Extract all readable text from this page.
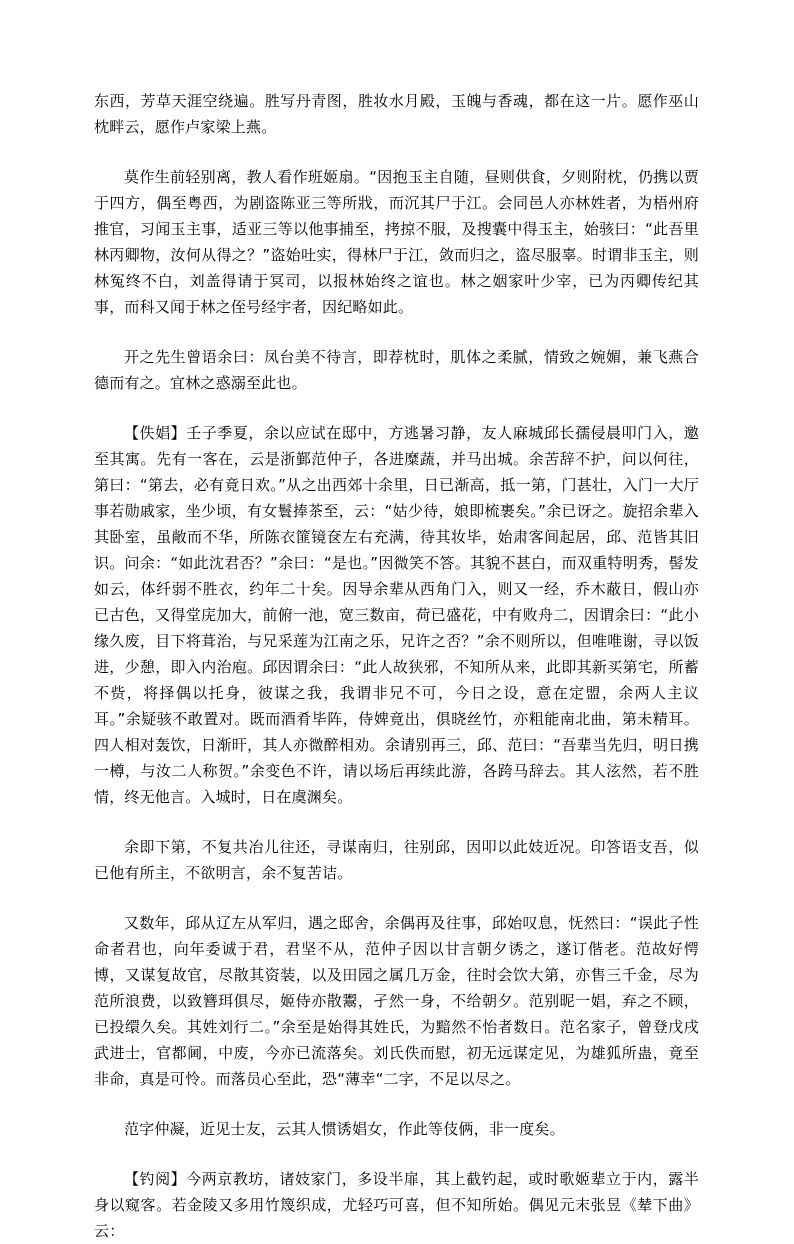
东西，芳草天涯空绕遍。胜写丹青图，胜妆水月殿，玉魄与香魂，都在这一片。愿作巫山枕畔云，愿作卢家梁上燕。

莫作生前轻别离，教人看作班姬扇。“因抱玉主自随，昼则供食，夕则附枕，仍携以贾于四方，偶至粤西，为剧盗陈亚三等所戕，而沉其尸于江。会同邑人亦林姓者，为梧州府推官，习闻玉主事，适亚三等以他事捕至，拷掠不服，及搜囊中得玉主，始骇曰：“此吾里林丙卿物，汝何从得之？”盗始吐实，得林尸于江，敛而归之，盗尽服辜。时谓非玉主，则林冤终不白，刘盖得请于冥司，以报林始终之谊也。林之姻家叶少宰，已为丙卿传纪其事，而科又闻于林之侄号经宇者，因纪略如此。

开之先生曾语余曰：凤台美不待言，即荐枕时，肌体之柔腻，情致之婉媚，兼飞燕合德而有之。宜林之惑溺至此也。

【佚娼】壬子季夏，余以应试在邸中，方逃暑习静，友人麻城邱长孺侵晨叩门入，邀至其寓。先有一客在，云是浙鄞范仲子，各进糜蔬，并马出城。余苦辞不护，问以何往，第曰：“第去，必有竟日欢。”从之出西郊十余里，日已渐高，抵一第，门甚壮，入门一大厅事若勋戚家，坐少顷，有女鬟捧茶至，云：“姑少待，娘即梳裹矣。”余已讶之。旋招余辈入其卧室，虽敞而不华，所陈衣篚镜奁左右充满，待其妆毕，始肃客间起居，邱、范皆其旧识。问余：“如此沈君否？”余曰：“是也。”因微笑不答。其貌不甚白，而双重特明秀，髻发如云，体纤弱不胜衣，约年二十矣。因导余辈从西角门入，则又一经，乔木蔽日，假山亦已古色，又得堂庑加大，前俯一池，宽三数亩，荷已盛花，中有败舟二，因谓余曰：“此小缘久废，目下将葺治，与兄采莲为江南之乐，兄许之否？”余不则所以，但唯唯谢，寻以饭进，少憩，即入内治庖。邱因谓余曰：“此人故狭邪，不知所从来，此即其新买第宅，所蓄不赀，将择偶以托身，彼谋之我，我谓非兄不可，今日之设，意在定盟，余两人主议耳。”余疑骇不敢置对。既而酒肴毕阵，侍婢竟出，俱晓丝竹，亦粗能南北曲，第未精耳。四人相对轰饮，日渐旰，其人亦微醉相劝。余请别再三，邱、范曰：“吾辈当先归，明日携一樽，与汝二人称贺。”余变色不许，请以场后再续此游，各跨马辞去。其人泫然，若不胜情，终无他言。入城时，日在虞渊矣。

余即下第，不复共冶儿往还，寻谋南归，往别邱，因叩以此妓近况。印答语支吾，似已他有所主，不欲明言，余不复苦诘。

又数年，邱从辽左从军归，遇之邸舍，余偶再及往事，邱始叹息，怃然曰：“误此子性命者君也，向年委诚于君，君坚不从，范仲子因以甘言朝夕诱之，遂订偕老。范故好愕博，又谋复故官，尽散其资装，以及田园之属几万金，往时会饮大第，亦售三千金，尽为范所浪费，以致簪珥俱尽，姬侍亦散鬻，孑然一身，不给朝夕。范别昵一娼，弃之不顾，已投缳久矣。其姓刘行二。”余至是始得其姓氏，为黯然不怡者数日。范名家子，曾登戊戌武进士，官都阃，中废，今亦已流落矣。刘氏佚而慰，初无远谋定见，为雄狐所蛊，竟至非命，真是可怜。而落员心至此，恐“薄幸“二字，不足以尽之。

范字仲凝，近见士友，云其人惯诱娼女，作此等伎俩，非一度矣。

【钓阅】今两京教坊，诸妓家门，多设半扉，其上截钓起，或时歌姬辈立于内，露半身以窥客。若金陵又多用竹篾织成，尤轻巧可喜，但不知所始。偶见元末张昱《辇下曲》云：
